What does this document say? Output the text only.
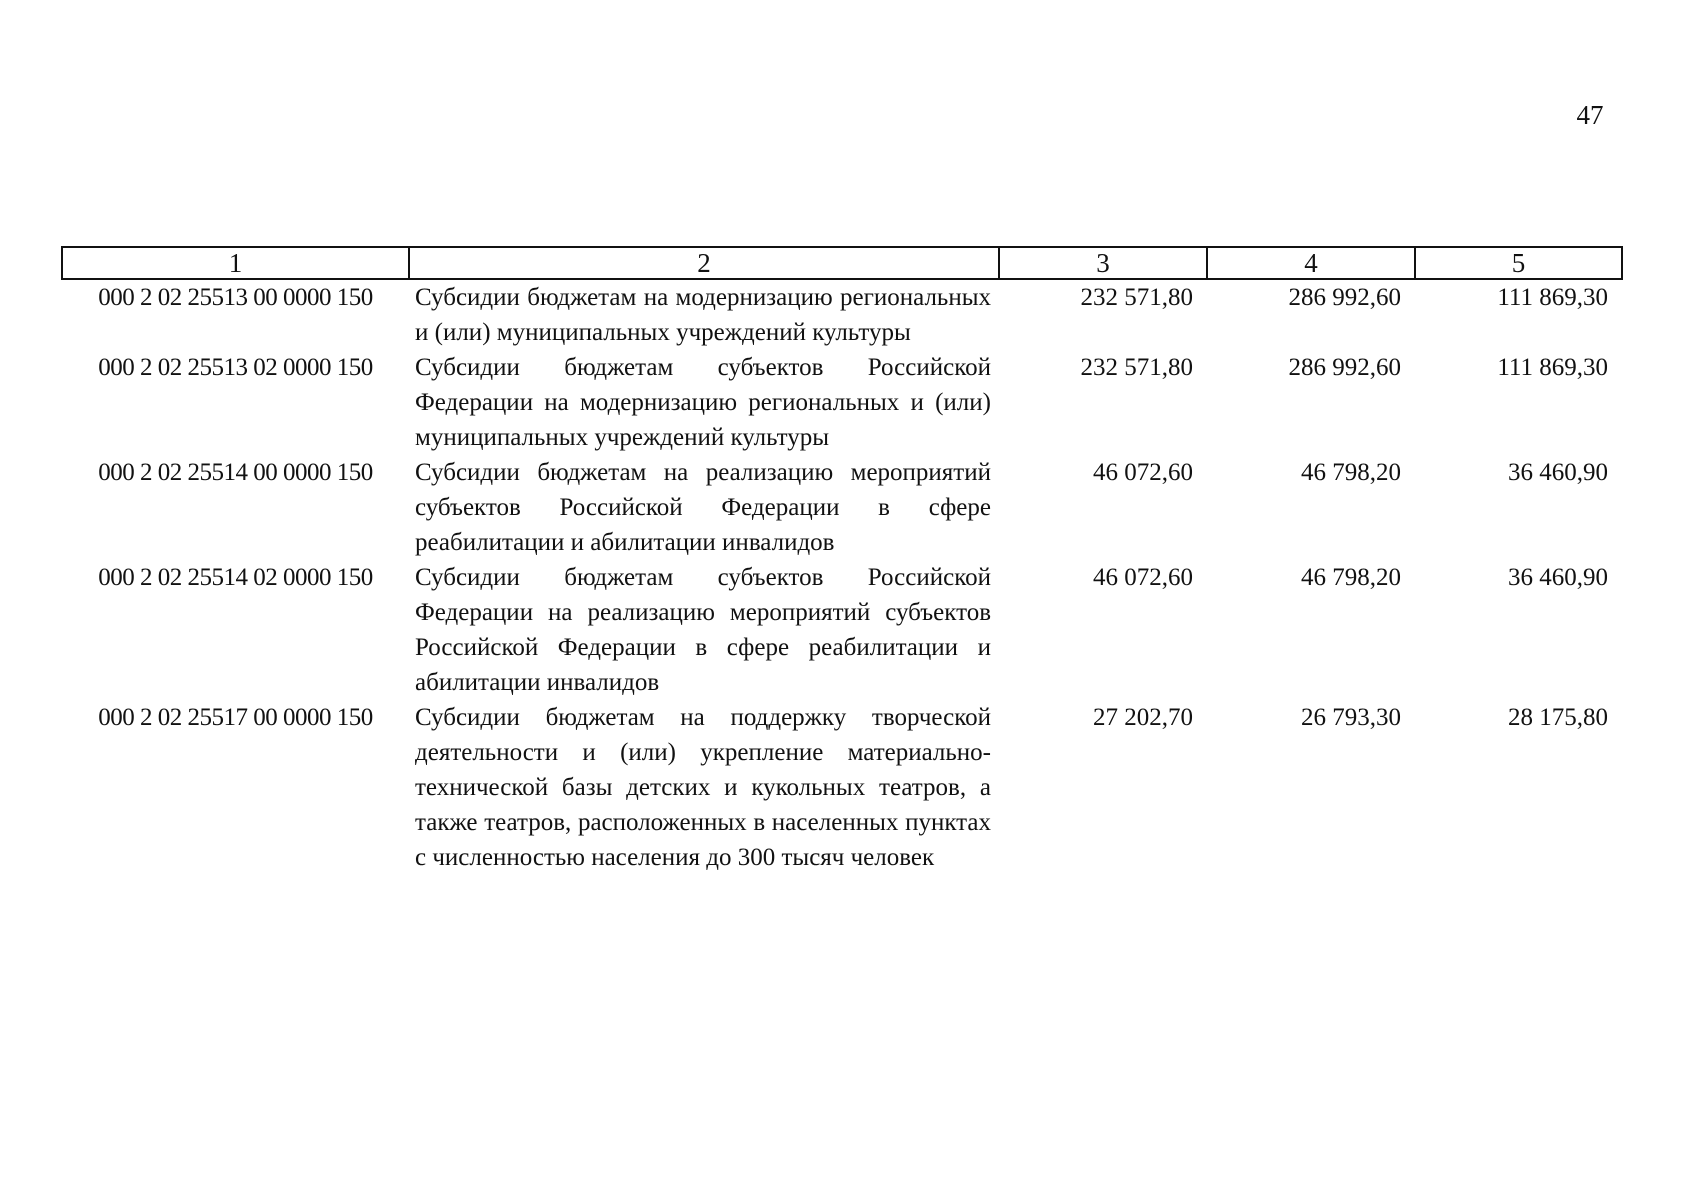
47
1	2	3	4	5
000 2 02 25513 00 0000 150	Субсидии бюджетам на модернизацию региональных и (или) муниципальных учреждений культуры	232 571,80	286 992,60	111 869,30
000 2 02 25513 02 0000 150	Субсидии бюджетам субъектов Российской Федерации на модернизацию региональных и (или) муниципальных учреждений культуры	232 571,80	286 992,60	111 869,30
000 2 02 25514 00 0000 150	Субсидии бюджетам на реализацию мероприятий субъектов Российской Федерации в сфере реабилитации и абилитации инвалидов	46 072,60	46 798,20	36 460,90
000 2 02 25514 02 0000 150	Субсидии бюджетам субъектов Российской Федерации на реализацию мероприятий субъектов Российской Федерации в сфере реабилитации и абилитации инвалидов	46 072,60	46 798,20	36 460,90
000 2 02 25517 00 0000 150	Субсидии бюджетам на поддержку творческой деятельности и (или) укрепление материально-технической базы детских и кукольных театров, а также театров, расположенных в населенных пунктах с численностью населения до 300 тысяч человек	27 202,70	26 793,30	28 175,80
